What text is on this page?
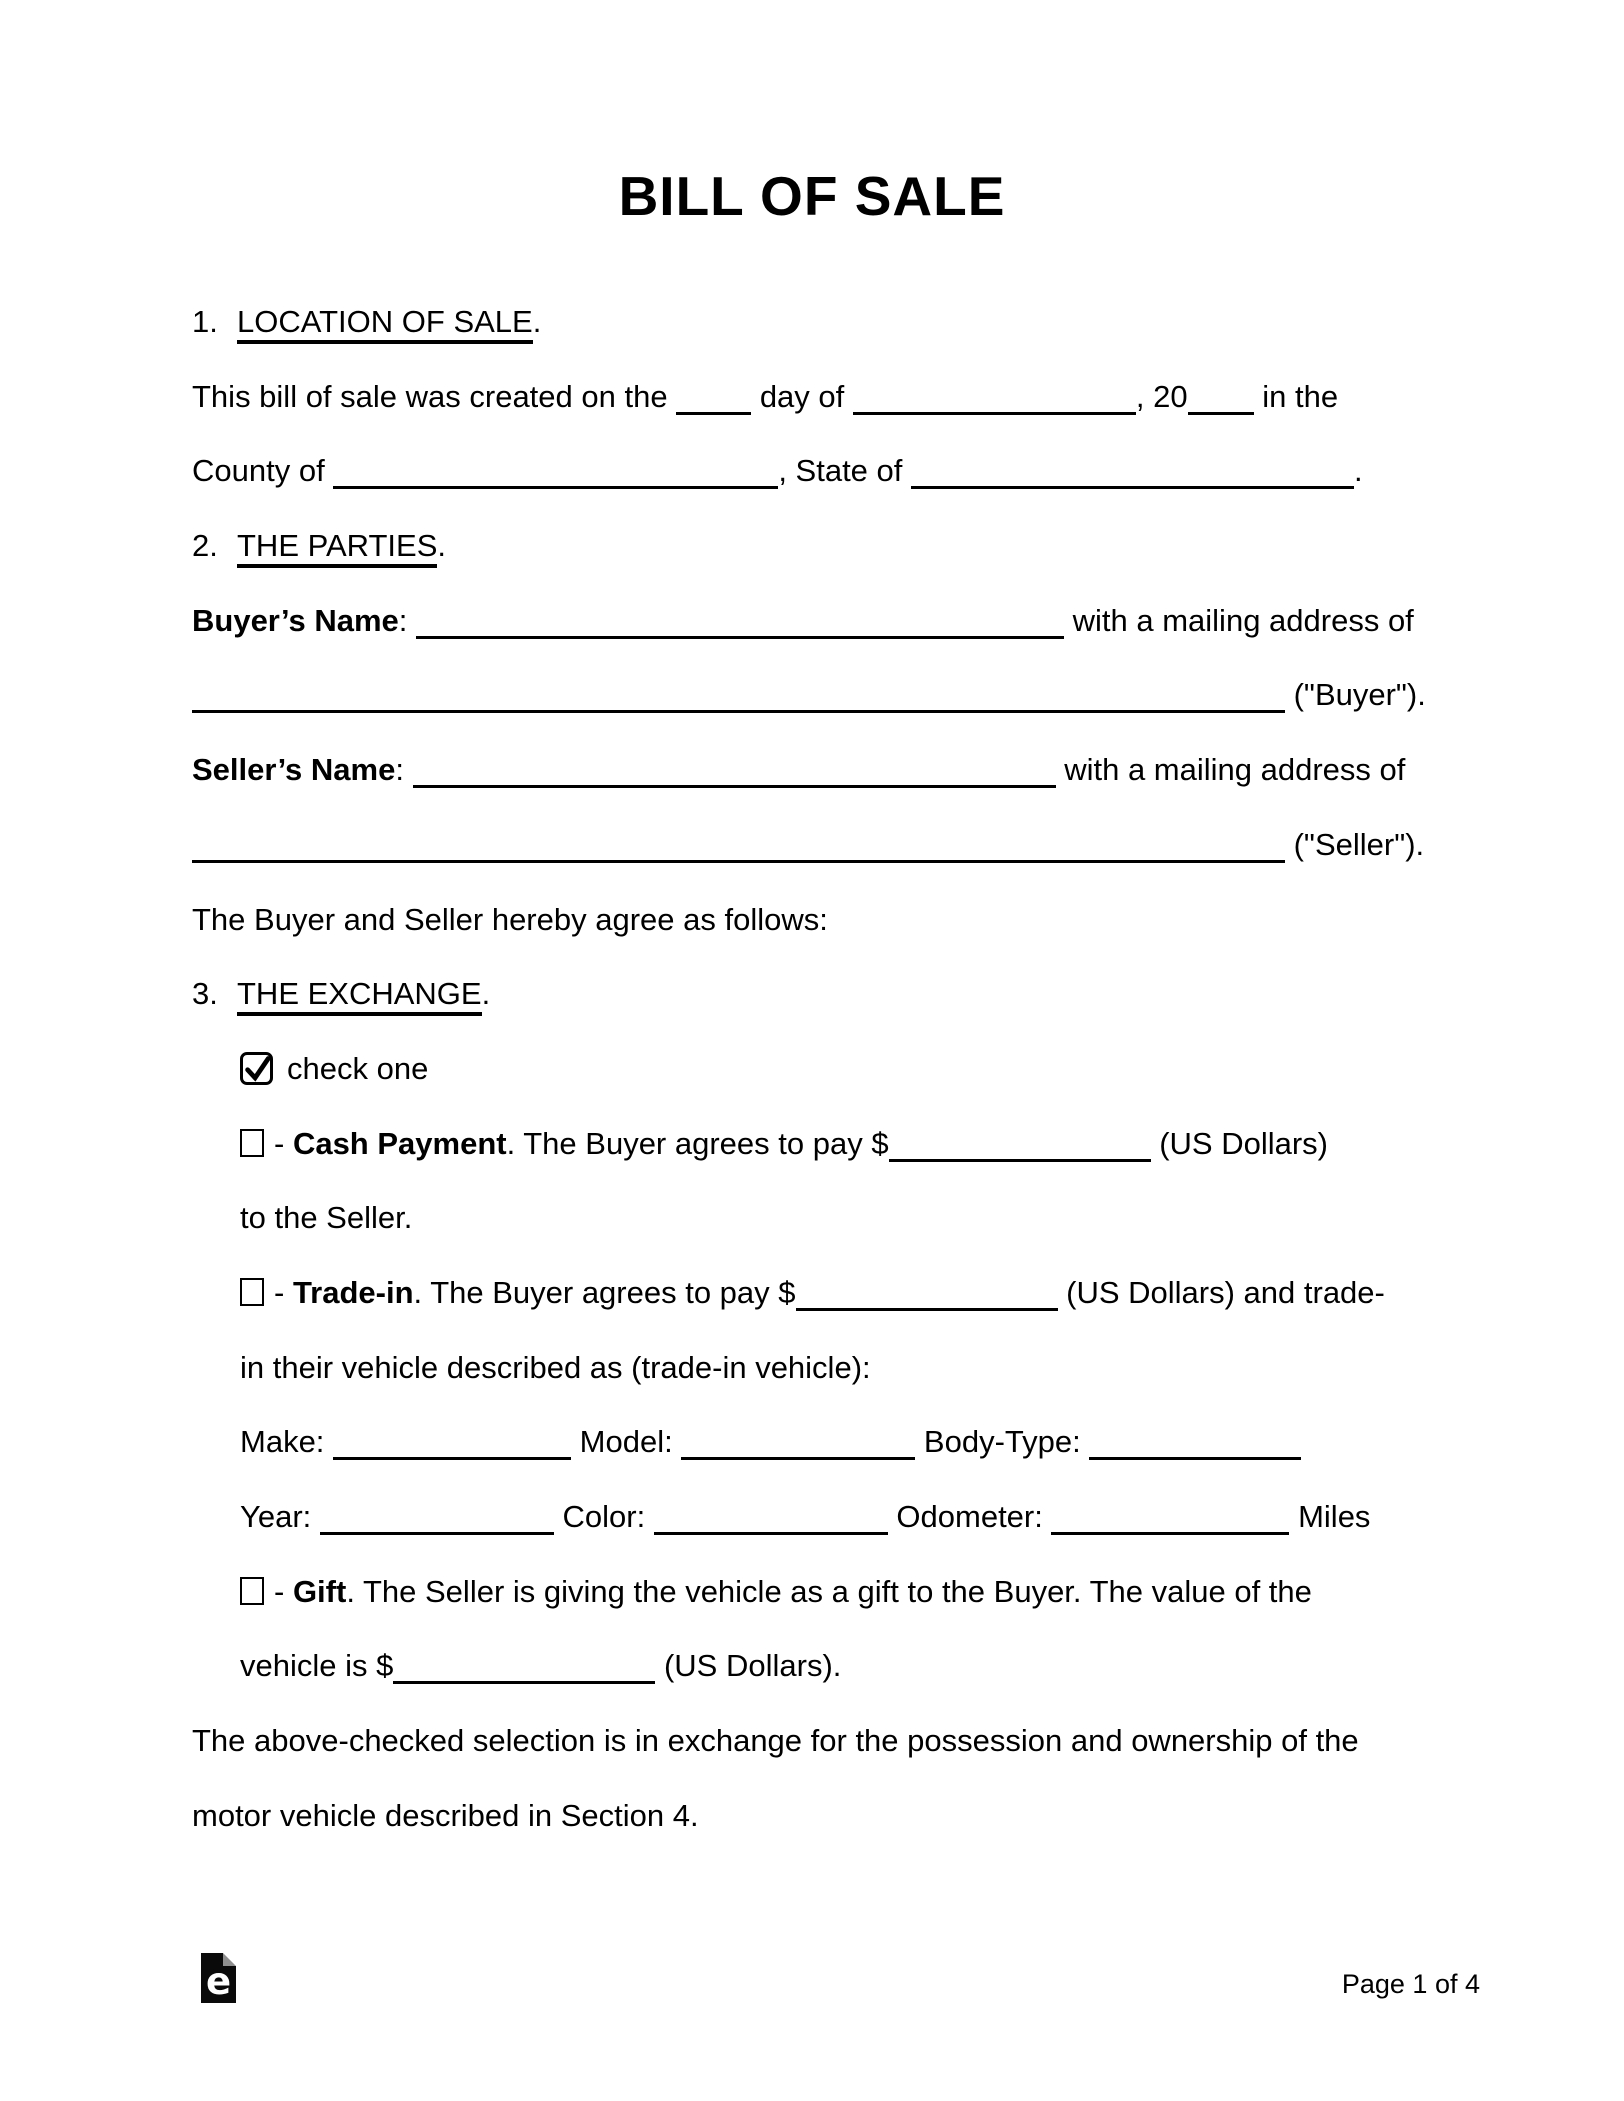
BILL OF SALE
1. LOCATION OF SALE.
This bill of sale was created on the  day of	, 20 in the
County of	, State of	.
2. THE PARTIES.
Buyer’s Name:	with a mailing address of
("Buyer").
Seller’s Name:	with a mailing address of
("Seller").
The Buyer and Seller hereby agree as follows:
3. THE EXCHANGE.
check one
- Cash Payment. The Buyer agrees to pay $	(US Dollars)
to the Seller.
- Trade-in. The Buyer agrees to pay $	(US Dollars) and trade-
in their vehicle described as (trade-in vehicle):
Make:	Model:	Body-Type:
Year:	Color:	Odometer:	Miles
- Gift. The Seller is giving the vehicle as a gift to the Buyer. The value of the
vehicle is $	(US Dollars).
The above-checked selection is in exchange for the possession and ownership of the
motor vehicle described in Section 4.
e	Page 1 of 4
